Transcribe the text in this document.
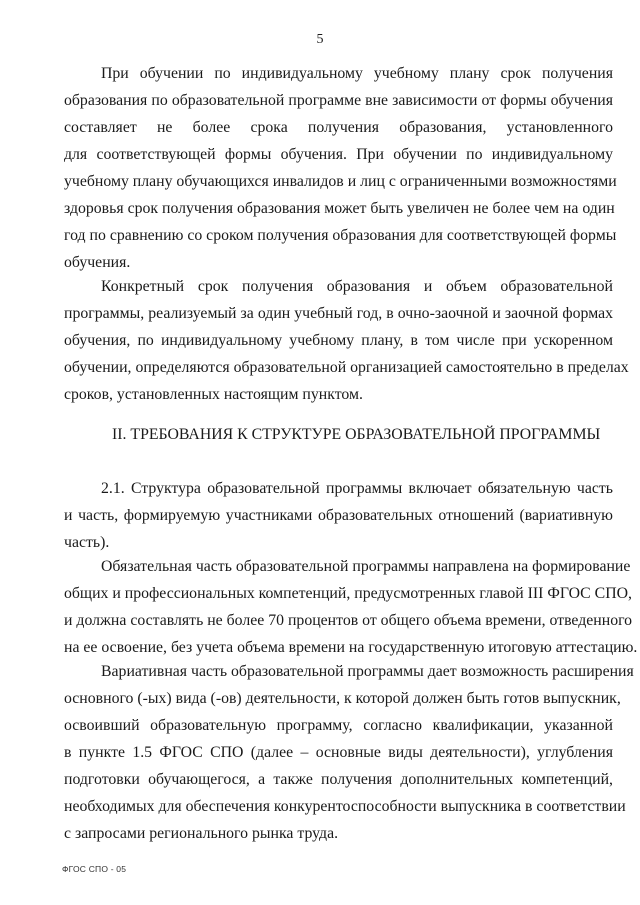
5
При обучении по индивидуальному учебному плану срок получения
образования по образовательной программе вне зависимости от формы обучения
составляет не более срока получения образования, установленного
для соответствующей формы обучения. При обучении по индивидуальному
учебному плану обучающихся инвалидов и лиц с ограниченными возможностями
здоровья срок получения образования может быть увеличен не более чем на один
год по сравнению со сроком получения образования для соответствующей формы
обучения.
Конкретный срок получения образования и объем образовательной
программы, реализуемый за один учебный год, в очно-заочной и заочной формах
обучения, по индивидуальному учебному плану, в том числе при ускоренном
обучении, определяются образовательной организацией самостоятельно в пределах
сроков, установленных настоящим пунктом.
II. ТРЕБОВАНИЯ К СТРУКТУРЕ ОБРАЗОВАТЕЛЬНОЙ ПРОГРАММЫ
2.1. Структура образовательной программы включает обязательную часть
и часть, формируемую участниками образовательных отношений (вариативную
часть).
Обязательная часть образовательной программы направлена на формирование
общих и профессиональных компетенций, предусмотренных главой III ФГОС СПО,
и должна составлять не более 70 процентов от общего объема времени, отведенного
на ее освоение, без учета объема времени на государственную итоговую аттестацию.
Вариативная часть образовательной программы дает возможность расширения
основного (-ых) вида (-ов) деятельности, к которой должен быть готов выпускник,
освоивший образовательную программу, согласно квалификации, указанной
в пункте 1.5 ФГОС СПО (далее – основные виды деятельности), углубления
подготовки обучающегося, а также получения дополнительных компетенций,
необходимых для обеспечения конкурентоспособности выпускника в соответствии
с запросами регионального рынка труда.
ФГОС СПО - 05
